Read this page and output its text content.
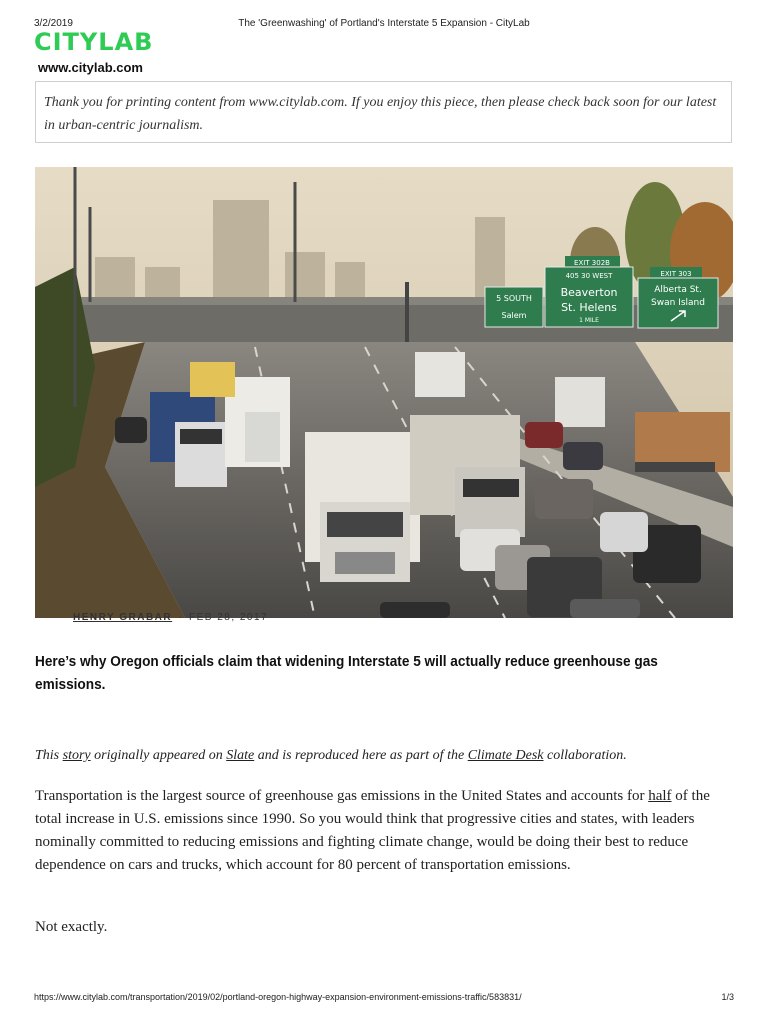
3/2/2019	The 'Greenwashing' of Portland's Interstate 5 Expansion - CityLab
CITYLAB
www.citylab.com
Thank you for printing content from www.citylab.com. If you enjoy this piece, then please check back soon for our latest in urban-centric journalism.
5 SOUTH
Salem
EXIT 302B
405 30 WEST
Beaverton
St. Helens
1 MILE
EXIT 303
Alberta St.
Swan Island
HENRY GRABAR · FEB 28, 2017
Here’s why Oregon officials claim that widening Interstate 5 will actually reduce greenhouse gas emissions.
This story originally appeared on Slate and is reproduced here as part of the Climate Desk collaboration.
Transportation is the largest source of greenhouse gas emissions in the United States and accounts for half of the total increase in U.S. emissions since 1990. So you would think that progressive cities and states, with leaders nominally committed to reducing emissions and fighting climate change, would be doing their best to reduce dependence on cars and trucks, which account for 80 percent of transportation emissions.
Not exactly.
https://www.citylab.com/transportation/2019/02/portland-oregon-highway-expansion-environment-emissions-traffic/583831/	1/3
